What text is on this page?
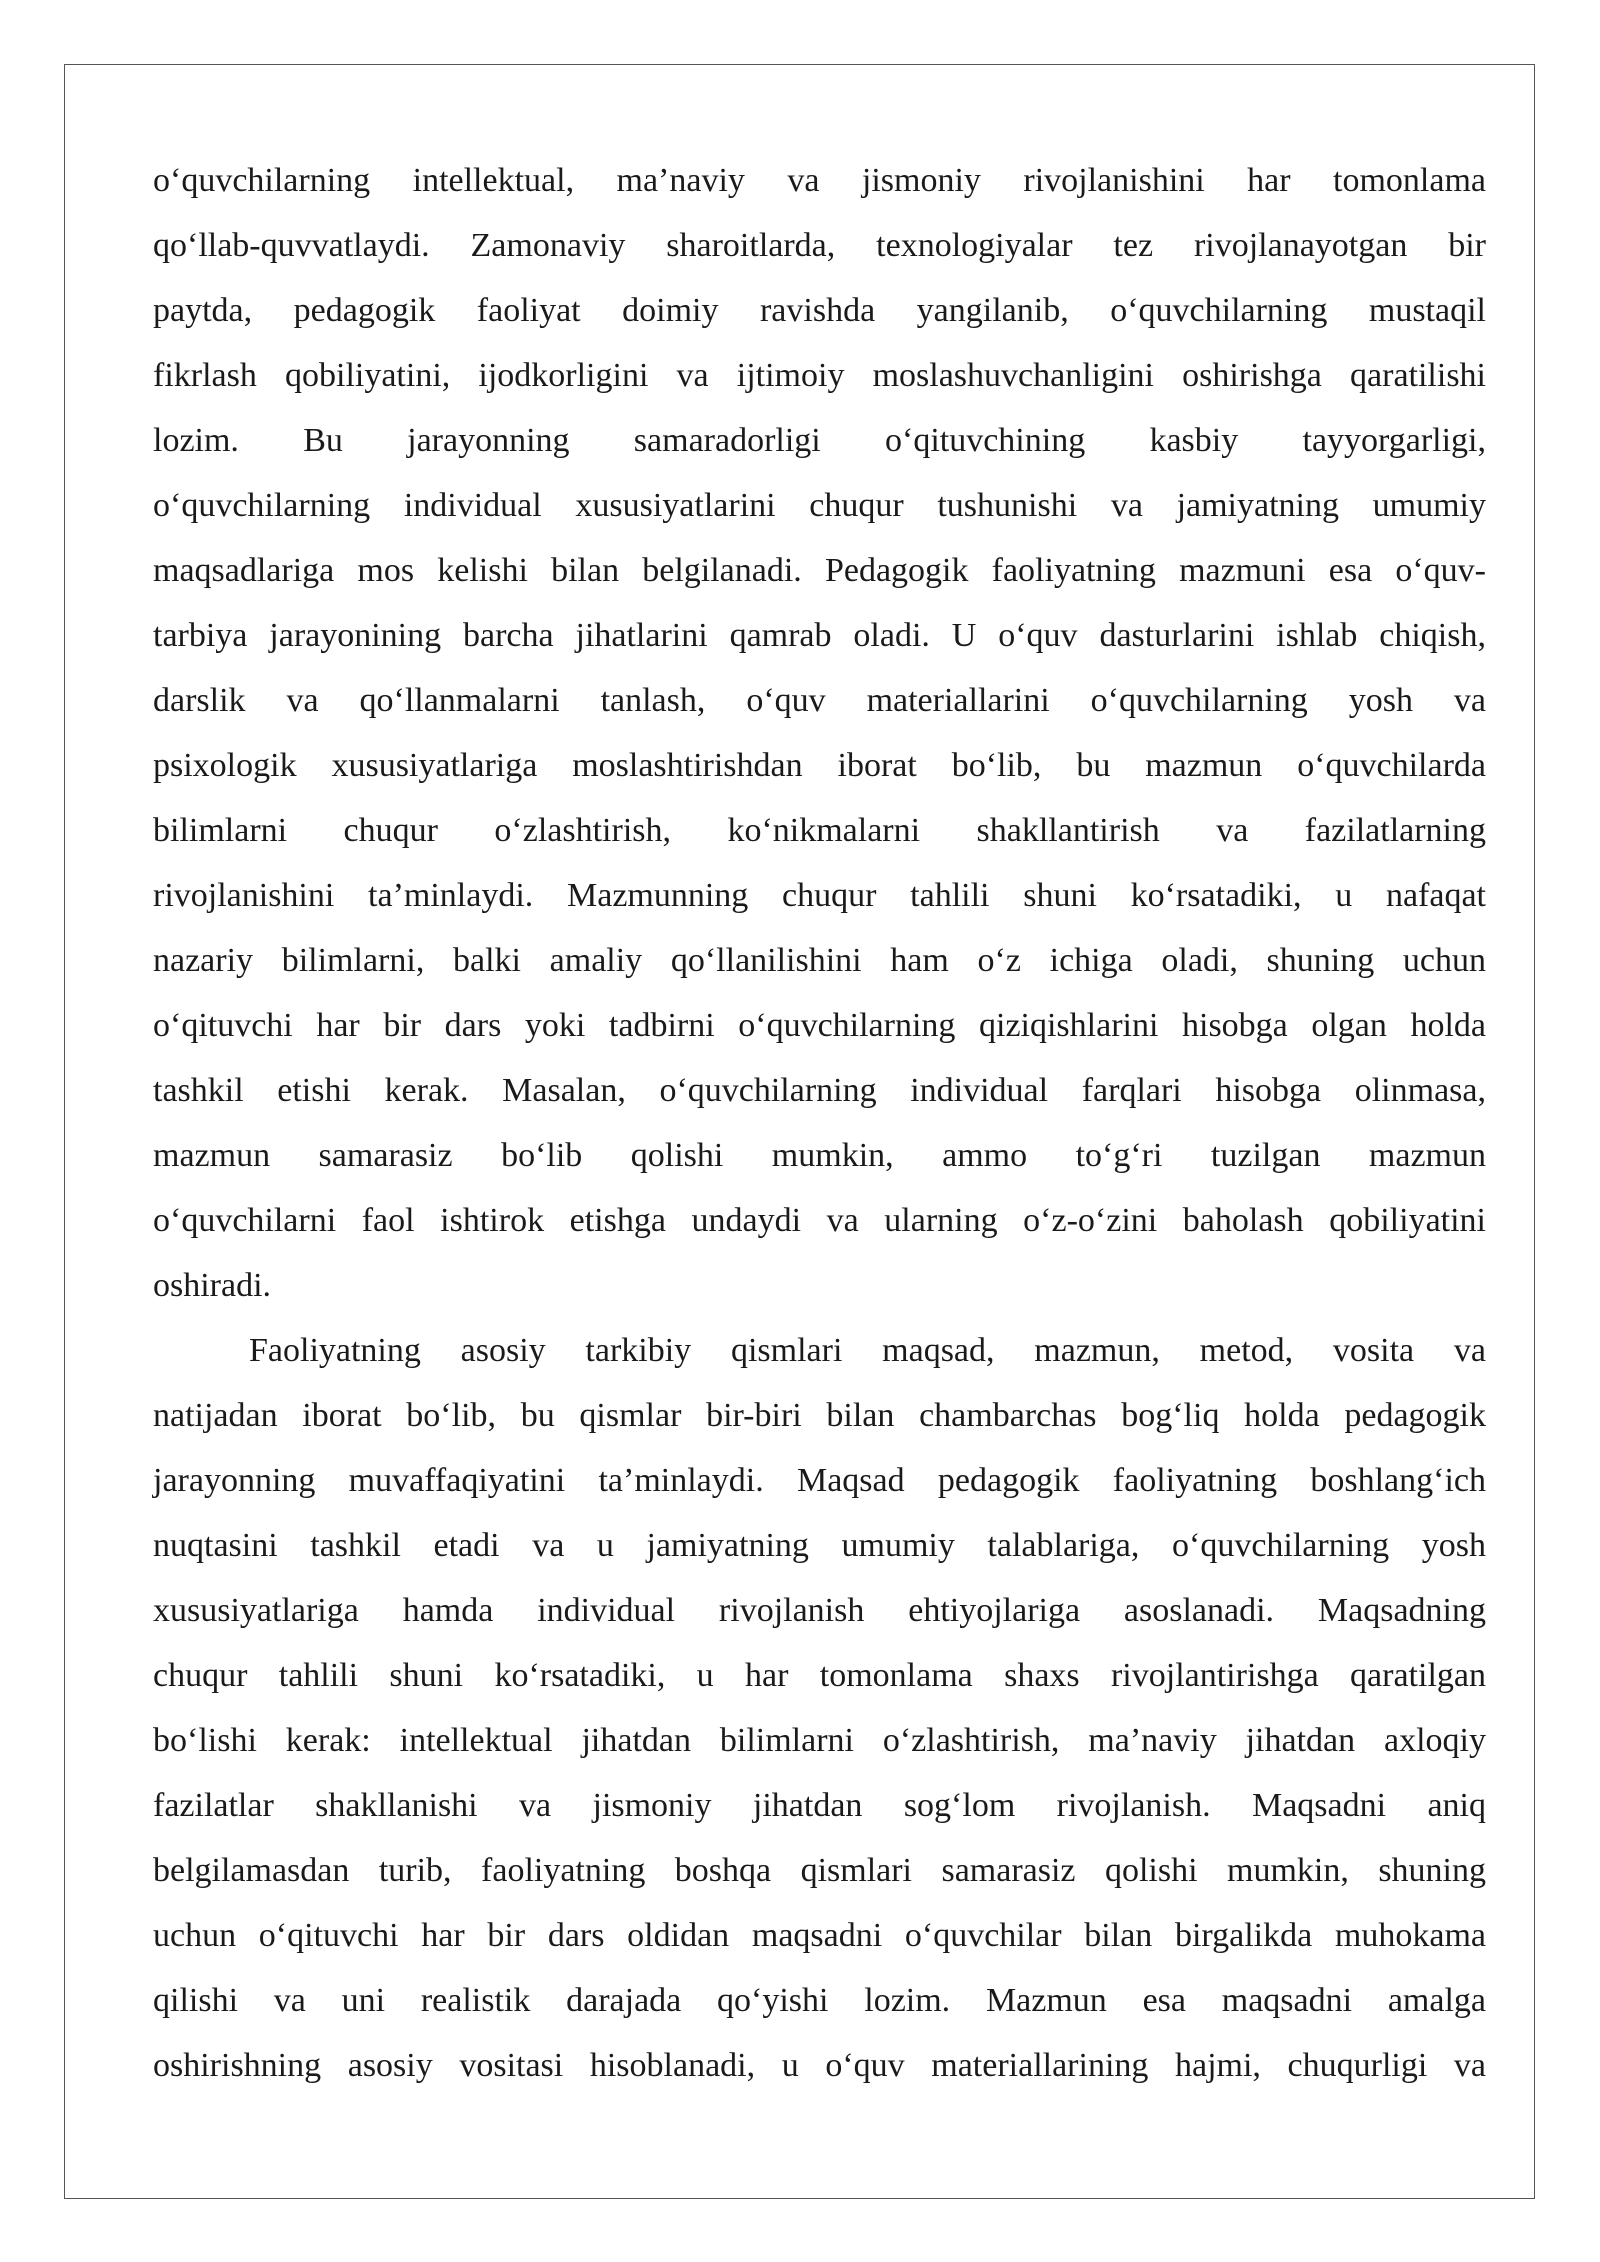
o‘quvchilarning intellektual, ma’naviy va jismoniy rivojlanishini har tomonlama
qo‘llab-quvvatlaydi. Zamonaviy sharoitlarda, texnologiyalar tez rivojlanayotgan bir
paytda, pedagogik faoliyat doimiy ravishda yangilanib, o‘quvchilarning mustaqil
fikrlash qobiliyatini, ijodkorligini va ijtimoiy moslashuvchanligini oshirishga qaratilishi
lozim. Bu jarayonning samaradorligi o‘qituvchining kasbiy tayyorgarligi,
o‘quvchilarning individual xususiyatlarini chuqur tushunishi va jamiyatning umumiy
maqsadlariga mos kelishi bilan belgilanadi. Pedagogik faoliyatning mazmuni esa o‘quv-
tarbiya jarayonining barcha jihatlarini qamrab oladi. U o‘quv dasturlarini ishlab chiqish,
darslik va qo‘llanmalarni tanlash, o‘quv materiallarini o‘quvchilarning yosh va
psixologik xususiyatlariga moslashtirishdan iborat bo‘lib, bu mazmun o‘quvchilarda
bilimlarni chuqur o‘zlashtirish, ko‘nikmalarni shakllantirish va fazilatlarning
rivojlanishini ta’minlaydi. Mazmunning chuqur tahlili shuni ko‘rsatadiki, u nafaqat
nazariy bilimlarni, balki amaliy qo‘llanilishini ham o‘z ichiga oladi, shuning uchun
o‘qituvchi har bir dars yoki tadbirni o‘quvchilarning qiziqishlarini hisobga olgan holda
tashkil etishi kerak. Masalan, o‘quvchilarning individual farqlari hisobga olinmasa,
mazmun samarasiz bo‘lib qolishi mumkin, ammo to‘g‘ri tuzilgan mazmun
o‘quvchilarni faol ishtirok etishga undaydi va ularning o‘z-o‘zini baholash qobiliyatini
oshiradi.
Faoliyatning asosiy tarkibiy qismlari maqsad, mazmun, metod, vosita va
natijadan iborat bo‘lib, bu qismlar bir-biri bilan chambarchas bog‘liq holda pedagogik
jarayonning muvaffaqiyatini ta’minlaydi. Maqsad pedagogik faoliyatning boshlang‘ich
nuqtasini tashkil etadi va u jamiyatning umumiy talablariga, o‘quvchilarning yosh
xususiyatlariga hamda individual rivojlanish ehtiyojlariga asoslanadi. Maqsadning
chuqur tahlili shuni ko‘rsatadiki, u har tomonlama shaxs rivojlantirishga qaratilgan
bo‘lishi kerak: intellektual jihatdan bilimlarni o‘zlashtirish, ma’naviy jihatdan axloqiy
fazilatlar shakllanishi va jismoniy jihatdan sog‘lom rivojlanish. Maqsadni aniq
belgilamasdan turib, faoliyatning boshqa qismlari samarasiz qolishi mumkin, shuning
uchun o‘qituvchi har bir dars oldidan maqsadni o‘quvchilar bilan birgalikda muhokama
qilishi va uni realistik darajada qo‘yishi lozim. Mazmun esa maqsadni amalga
oshirishning asosiy vositasi hisoblanadi, u o‘quv materiallarining hajmi, chuqurligi va
